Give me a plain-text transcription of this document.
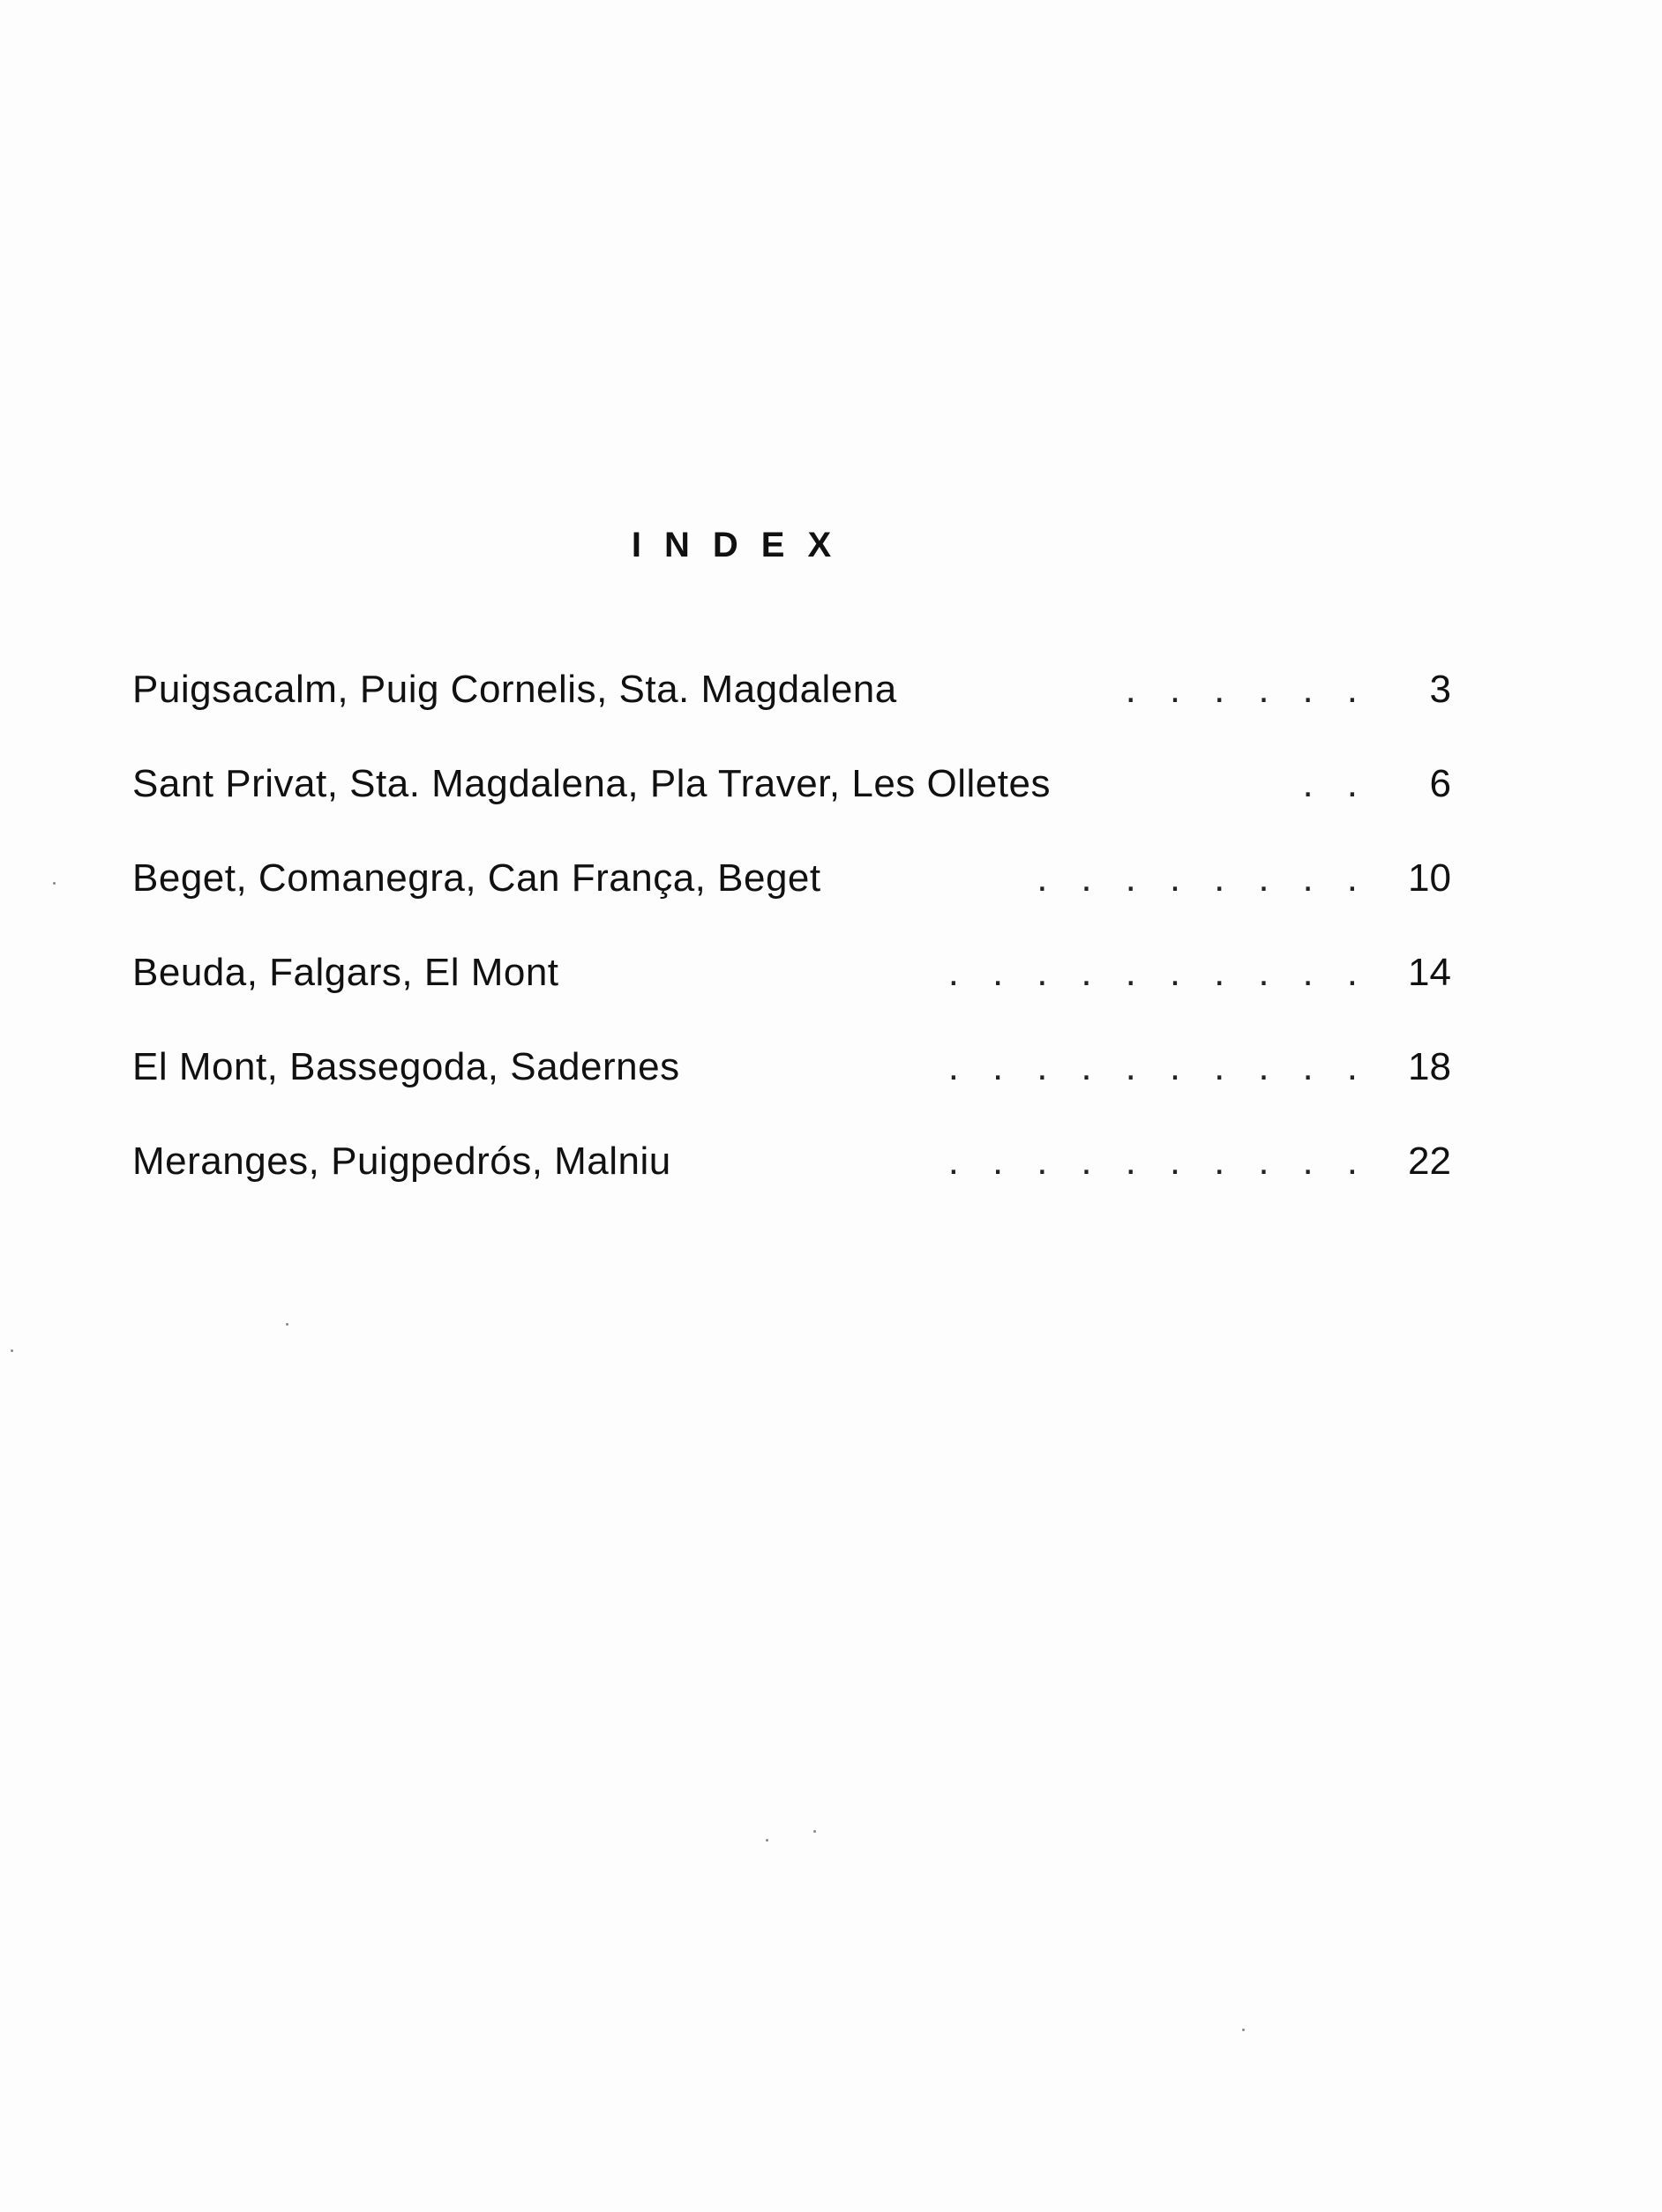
INDEX
Puigsacalm, Puig Cornelis, Sta. Magdalena	...... 3
Sant Privat, Sta. Magdalena, Pla Traver, Les Olletes	.. 6
Beget, Comanegra, Can França, Beget	........ 10
Beuda, Falgars, El Mont	.......... 14
El Mont, Bassegoda, Sadernes	.......... 18
Meranges, Puigpedrós, Malniu	.......... 22
